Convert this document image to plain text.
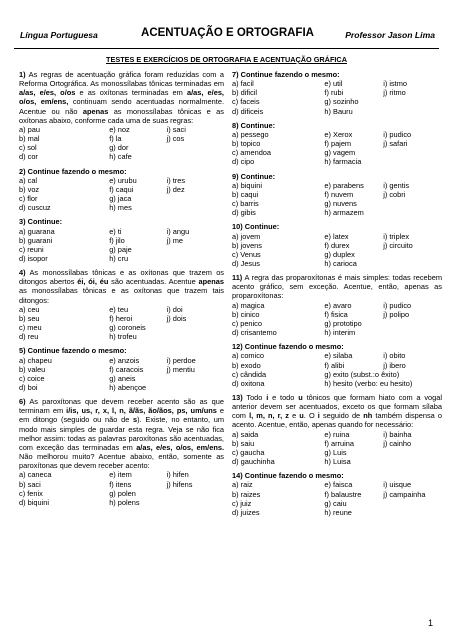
Língua Portuguesa	ACENTUAÇÃO E ORTOGRAFIA	Professor Jason Lima
TESTES E EXERCÍCIOS DE ORTOGRAFIA E ACENTUAÇÃO GRÁFICA
1) As regras de acentuação gráfica foram reduzidas com a Reforma Ortográfica. As monossílabas tônicas terminadas em a/as, e/es, o/os e as oxítonas terminadas em a/as, e/es, o/os, em/ens, continuam sendo acentuadas normalmente. Acentue ou não apenas as monossílabas tônicas e as oxítonas abaixo, conforme cada uma de suas regras:
a) pau	e) noz	i) saci
b) mal	f) la	j) cos
c) sol	g) dor
d) cor	h) cafe
2) Continue fazendo o mesmo:
a) cal	e) urubu	i) tres
b) voz	f) caqui	j) dez
c) flor	g) jaca
d) cuscuz	h) mes
3) Continue:
a) guarana	e) ti	i) angu
b) guarani	f) jilo	j) me
c) reuni	g) paje
d) isopor	h) cru
4) As monossílabas tônicas e as oxítonas que trazem os ditongos abertos éi, ói, éu são acentuadas. Acentue apenas as monossílabas tônicas e as oxítonas que trazem tais ditongos:
a) ceu	e) teu	i) doi
b) seu	f) heroi	j) dois
c) meu	g) coroneis
d) reu	h) trofeu
5) Continue fazendo o mesmo:
a) chapeu	e) anzois	i) perdoe
b) valeu	f) caracois	j) mentiu
c) coice	g) aneis
d) boi	h) abençoe
6) As paroxítonas que devem receber acento são as que terminam em i/is, us, r, x, l, n, ã/ãs, ão/ãos, ps, um/uns e em ditongo (seguido ou não de s). Existe, no entanto, um modo mais simples de guardar esta regra. Veja se não fica melhor assim: todas as palavras paroxítonas são acentuadas, com exceção das terminadas em a/as, e/es, o/os, em/ens. Não melhorou muito? Acentue abaixo, então, somente as paroxítonas que devem receber acento:
a) caneca	e) item	i) hifen
b) saci	f) itens	j) hifens
c) fenix	g) polen
d) biquini	h) polens
7) Continue fazendo o mesmo:
a) facil	e) util	i) istmo
b) dificil	f) rubi	j) ritmo
c) faceis	g) sozinho
d) dificeis	h) Bauru
8) Continue:
a) pessego	e) Xerox	i) pudico
b) topico	f) pajem	j) safari
c) amendoa	g) vagem
d) cipo	h) farmacia
9) Continue:
a) biquini	e) parabens	i) gentis
b) caqui	f) nuvem	j) cobri
c) barris	g) nuvens
d) gibis	h) armazem
10) Continue:
a) jovem	e) latex	i) triplex
b) jovens	f) durex	j) circuito
c) Venus	g) duplex
d) Jesus	h) carioca
11) A regra das proparoxítonas é mais simples: todas recebem acento gráfico, sem exceção. Acentue, então, apenas as proparoxítonas:
a) magica	e) avaro	i) pudico
b) cinico	f) fisica	j) polipo
c) penico	g) prototipo
d) crisantemo	h) interim
12) Continue fazendo o mesmo:
a) comico	e) silaba	i) obito
b) exodo	f) alibi	j) ibero
c) cândida	g) exito (subst.:o êxito)
d) oxitona	h) hesito (verbo: eu hesito)
13) Todo i e todo u tônicos que formam hiato com a vogal anterior devem ser acentuados, exceto os que formam sílaba com l, m, n, r, z e u. O i seguido de nh também dispensa o acento. Acentue, então, apenas quando for necessário:
a) saida	e) ruina	i) bainha
b) saiu	f) arruina	j) cainho
c) gaucha	g) Luis
d) gauchinha	h) Luisa
14) Continue fazendo o mesmo:
a) raiz	e) faisca	i) uisque
b) raizes	f) balaustre	j) campainha
c) juiz	g) caiu
d) juizes	h) reune
1
